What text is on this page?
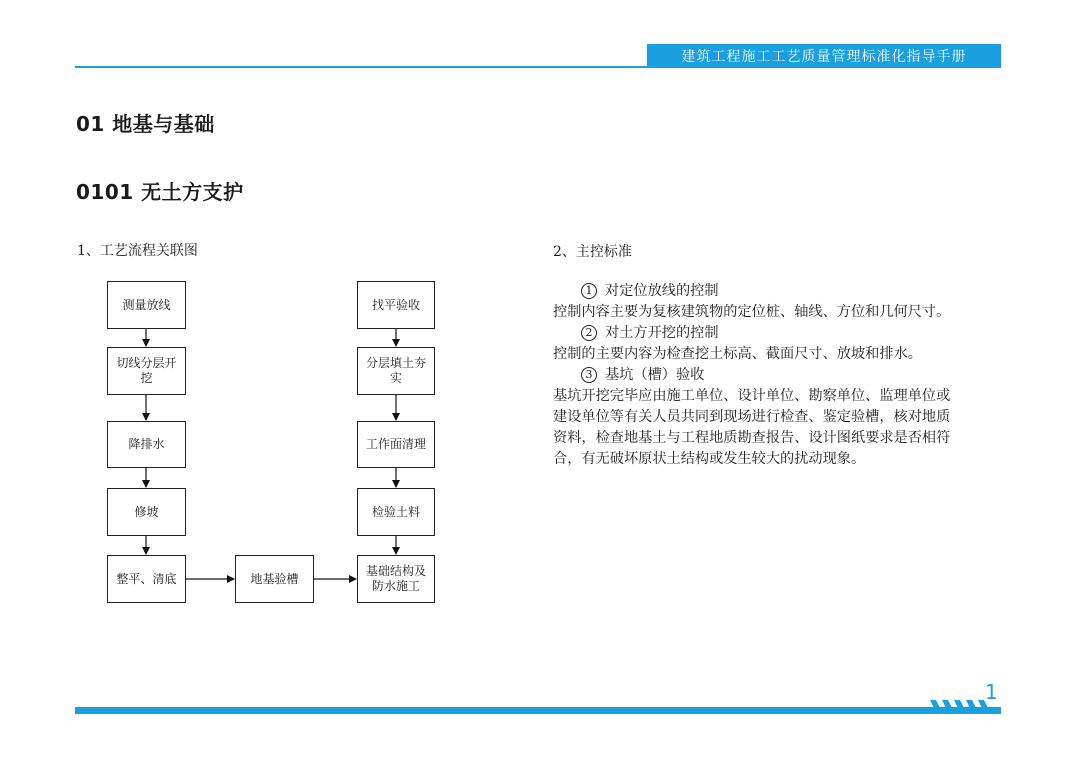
建筑工程施工工艺质量管理标准化指导手册
01 地基与基础
0101 无土方支护
1、工艺流程关联图	2、主控标准
测量放线
切线分层开挖
降排水
修坡
整平、清底	地基验槽
找平验收
分层填土夯实
工作面清理
检验土料
基础结构及防水施工
1 对定位放线的控制
控制内容主要为复核建筑物的定位桩、轴线、方位和几何尺寸。
2 对土方开挖的控制
控制的主要内容为检查挖土标高、截面尺寸、放坡和排水。
3 基坑（槽）验收
基坑开挖完毕应由施工单位、设计单位、勘察单位、监理单位或
建设单位等有关人员共同到现场进行检查、鉴定验槽，核对地质
资料，检查地基土与工程地质勘查报告、设计图纸要求是否相符
合，有无破坏原状土结构或发生较大的扰动现象。
1
